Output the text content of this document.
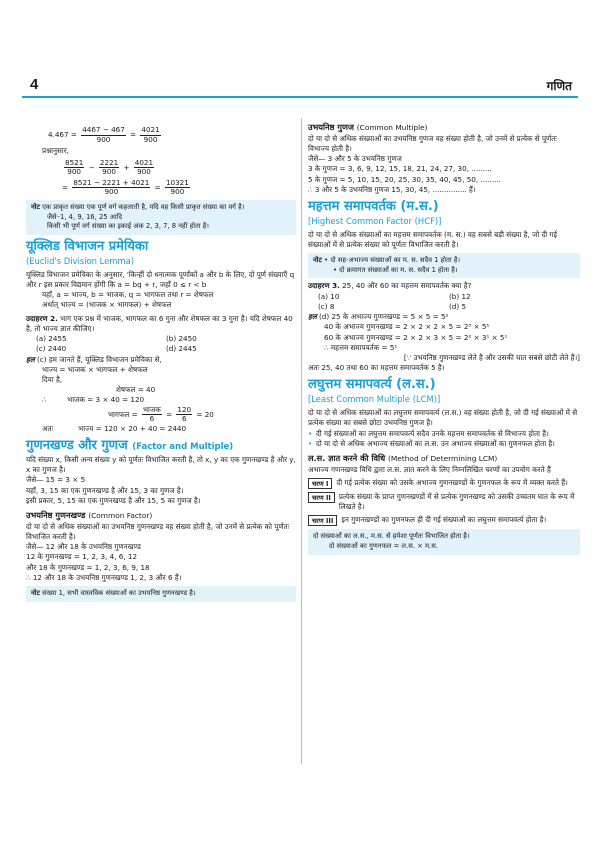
4	गणित
$4.467 = \frac{4467 - 467}{900} = \frac{4021}{900}$
प्रश्नानुसार,
$\frac{8521}{900} - \frac{2221}{900} + \frac{4021}{900}$
= $\frac{8521 - 2221 + 4021}{900} = \frac{10321}{900}$
नोट एक प्राकृत संख्या एक पूर्ण वर्ग कहलाती है, यदि वह किसी प्राकृत संख्या का वर्ग है।
जैसे–1, 4, 9, 16, 25 आदि
किसी भी पूर्ण वर्ग संख्या का इकाई अंक 2, 3, 7, 8 नहीं होता है।
यूक्लिड विभाजन प्रमेयिका
(Euclid's Division Lemma)
यूक्लिड विभाजन प्रमेयिका के अनुसार, 'किन्हीं दो धनात्मक पूर्णांकों a और b के लिए, दो पूर्ण संख्याएँ q और r इस प्रकार विद्यमान होंगी कि a = bq + r, जहाँ 0 ≤ r < b
यहाँ, a = भाज्य, b = भाजक, q = भागफल तथा r = शेषफल
अर्थात् भाज्य = (भाजक × भागफल) + शेषफल
उदाहरण 2. भाग एक प्रश्न में भाजक, भागफल का 6 गुना और शेषफल का 3 गुना है। यदि शेषफल 40 है, तो भाज्य ज्ञात कीजिए।
(a) 2455	(b) 2450
(c) 2440	(d) 2445
हल (c) हम जानते हैं, यूक्लिड विभाजन प्रमेयिका से,
भाज्य = भाजक × भागफल + शेषफल
दिया है,
शेषफल = 40
∴         भाजक = 3 × 40 = 120
भागफल = $\frac{\text{भाजक}}{6} = \frac{120}{6} = 20$
अतः           भाज्य = 120 × 20 + 40 = 2440
गुणनखण्ड और गुणज (Factor and Multiple)
यदि संख्या x, किसी अन्य संख्या y को पूर्णतः विभाजित करती है, तो x, y का एक गुणनखण्ड है और y, x का गुणज है।
जैसे— 15 = 3 × 5
यहाँ, 3, 15 का एक गुणनखण्ड है और 15, 3 का गुणज है।
इसी प्रकार, 5, 15 का एक गुणनखण्ड है और 15, 5 का गुणज है।
उभयनिष्ठ गुणनखण्ड (Common Factor)
दो या दो से अधिक संख्याओं का उभयनिष्ठ गुणनखण्ड वह संख्या होती है, जो उनमें से प्रत्येक को पूर्णतः विभाजित करती है।
जैसे— 12 और 18 के उभयनिष्ठ गुणनखण्ड
12 के गुणनखण्ड = 1, 2, 3, 4, 6, 12
और 18 के गुणनखण्ड = 1, 2, 3, 6, 9, 18
∴ 12 और 18 के उभयनिष्ठ गुणनखण्ड 1, 2, 3 और 6 हैं।
नोट संख्या 1, सभी वास्तविक संख्याओं का उभयनिष्ठ गुणनखण्ड है।
उभयनिष्ठ गुणज (Common Multiple)
दो या दो से अधिक संख्याओं का उभयनिष्ठ गुणज वह संख्या होती है, जो उनमें से प्रत्येक से पूर्णतः विभाज्य होती है।
जैसे— 3 और 5 के उभयनिष्ठ गुणज
3 के गुणज = 3, 6, 9, 12, 15, 18, 21, 24, 27, 30, .........
5 के गुणज = 5, 10, 15, 20, 25, 30, 35, 40, 45, 50, .........
∴ 3 और 5 के उभयनिष्ठ गुणज 15, 30, 45, ............... हैं।
महत्तम समापवर्तक (म.स.)
[Highest Common Factor (HCF)]
दो या दो से अधिक संख्याओं का महत्तम समापवर्तक (म. स.) वह सबसे बड़ी संख्या है, जो दी गई संख्याओं में से प्रत्येक संख्या को पूर्णतः विभाजित करती है।
नोट • दो सह-अभाज्य संख्याओं का म. स. सदैव 1 होता है।
• दो क्रमागत संख्याओं का म. स. सदैव 1 होता है।
उदाहरण 3. 25, 40 और 60 का महत्तम समापवर्तक क्या है?
(a) 10	(b) 12
(c) 8	(d) 5
हल (d) 25 के अभाज्य गुणनखण्ड = 5 × 5 = 5²
40 के अभाज्य गुणनखण्ड = 2 × 2 × 2 × 5 = 2³ × 5¹
60 के अभाज्य गुणनखण्ड = 2 × 2 × 3 × 5 = 2² × 3¹ × 5¹
∴ महत्तम समापवर्तक = 5¹
[∵ उभयनिष्ठ गुणनखण्ड लेते है और उसकी घात सबसे छोटी लेते हैं।]
अतः 25, 40 तथा 60 का महत्तम समापवर्तक 5 है।
लघुत्तम समापवर्त्य (ल.स.)
[Least Common Multiple (LCM)]
दो या दो से अधिक संख्याओं का लघुत्तम समापवर्त्य (ल.स.) वह संख्या होती है, जो दी गई संख्याओं में से प्रत्येक संख्या का सबसे छोटा उभयनिष्ठ गुणज है।
• दी गई संख्याओं का लघुत्तम समापवर्त्य सदैव उनके महत्तम समापवर्तक से विभाज्य होता है।
• दो या दो से अधिक अभाज्य संख्याओं का ल.स. उन अभाज्य संख्याओं का गुणनफल होता है।
ल.स. ज्ञात करने की विधि (Method of Determining LCM)
अभाज्य गणनखण्ड विधि द्वारा ल.स. ज्ञात करने के लिए निम्नलिखित चरणों का उपयोग करते हैं
चरण I	दी गई प्रत्येक संख्या को उसके अभाज्य गुणनखण्डों के गुणनफल के रूप में व्यक्त करते हैं।
चरण II	प्रत्येक संख्या के प्राप्त गुणनखण्डों में से प्रत्येक गुणनखण्ड को उसकी उच्चतम घात के रूप में लिखते है।
चरण III	इन गुणनखण्डों का गुणनफल ही दी गई संख्याओं का लघुत्तम समापवर्त्य होता है।
दो संख्याओं का ल.स., म.स. से हमेशा पूर्णतः विभाजित होता है।
दो संख्याओं का गुणनफल = ल.स. × म.स.
